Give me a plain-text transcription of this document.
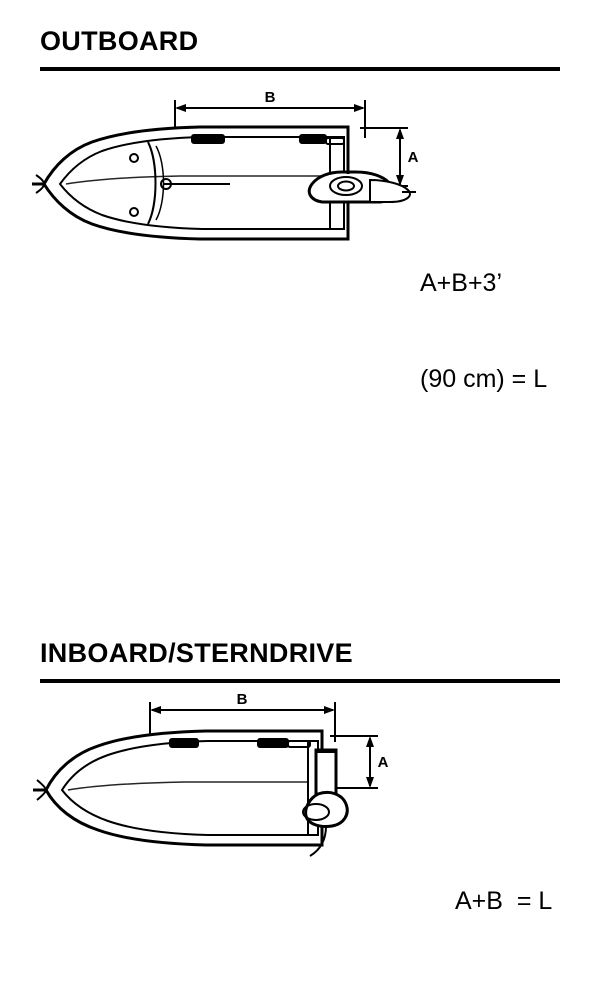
OUTBOARD

A+B+3’

(90 cm) = L

B
A
INBOARD/STERNDRIVE

A+B  = L

B
A
